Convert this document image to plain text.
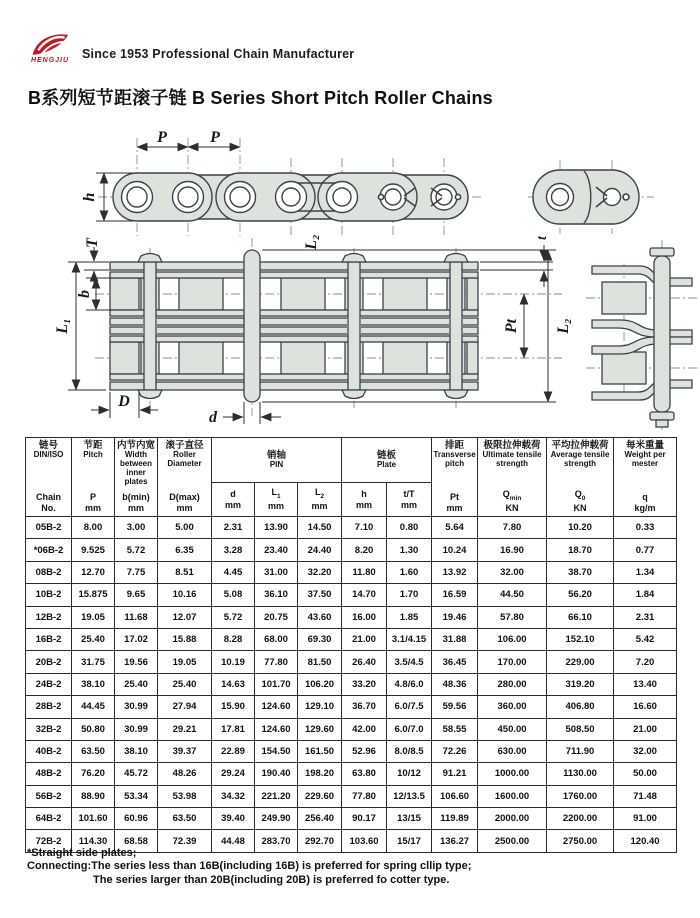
HENGJIU Since 1953 Professional Chain Manufacturer
B系列短节距滚子链 B Series Short Pitch Roller Chains
P	P
h
T
b
L₁
L₂	t
Pt L₂
D
d
链号
DIN/ISO
Chain
No.

节距
Pitch
P
mm

内节内宽
Width between inner plates
b(min)
mm

滚子直径
Roller Diameter
D(max)
mm

销轴
PIN

链板
Plate

排距
Transverse pitch
Pt
mm

极限拉伸载荷
Ultimate tensile strength
$Q_{min}$
KN

平均拉伸载荷
Average tensile strength
$Q_0$
KN

每米重量
Weight per mester
q
kg/m

d
mm

$L_1$
mm

$L_2$
mm

h
mm

t/T
mm

05B-2	8.00	3.00	5.00	2.31	13.90	14.50	7.10	0.80	5.64	7.80	10.20	0.33
*06B-2	9.525	5.72	6.35	3.28	23.40	24.40	8.20	1.30	10.24	16.90	18.70	0.77
08B-2	12.70	7.75	8.51	4.45	31.00	32.20	11.80	1.60	13.92	32.00	38.70	1.34
10B-2	15.875	9.65	10.16	5.08	36.10	37.50	14.70	1.70	16.59	44.50	56.20	1.84
12B-2	19.05	11.68	12.07	5.72	20.75	43.60	16.00	1.85	19.46	57.80	66.10	2.31
16B-2	25.40	17.02	15.88	8.28	68.00	69.30	21.00	3.1/4.15	31.88	106.00	152.10	5.42
20B-2	31.75	19.56	19.05	10.19	77.80	81.50	26.40	3.5/4.5	36.45	170.00	229.00	7.20
24B-2	38.10	25.40	25.40	14.63	101.70	106.20	33.20	4.8/6.0	48.36	280.00	319.20	13.40
28B-2	44.45	30.99	27.94	15.90	124.60	129.10	36.70	6.0/7.5	59.56	360.00	406.80	16.60
32B-2	50.80	30.99	29.21	17.81	124.60	129.60	42.00	6.0/7.0	58.55	450.00	508.50	21.00
40B-2	63.50	38.10	39.37	22.89	154.50	161.50	52.96	8.0/8.5	72.26	630.00	711.90	32.00
48B-2	76.20	45.72	48.26	29.24	190.40	198.20	63.80	10/12	91.21	1000.00	1130.00	50.00
56B-2	88.90	53.34	53.98	34.32	221.20	229.60	77.80	12/13.5	106.60	1600.00	1760.00	71.48
64B-2	101.60	60.96	63.50	39.40	249.90	256.40	90.17	13/15	119.89	2000.00	2200.00	91.00
72B-2	114.30	68.58	72.39	44.48	283.70	292.70	103.60	15/17	136.27	2500.00	2750.00	120.40
*Straight side plates;
Connecting:The series less than 16B(including 16B) is preferred for spring cllip type;
The series larger than 20B(including 20B) is preferred fo cotter type.
